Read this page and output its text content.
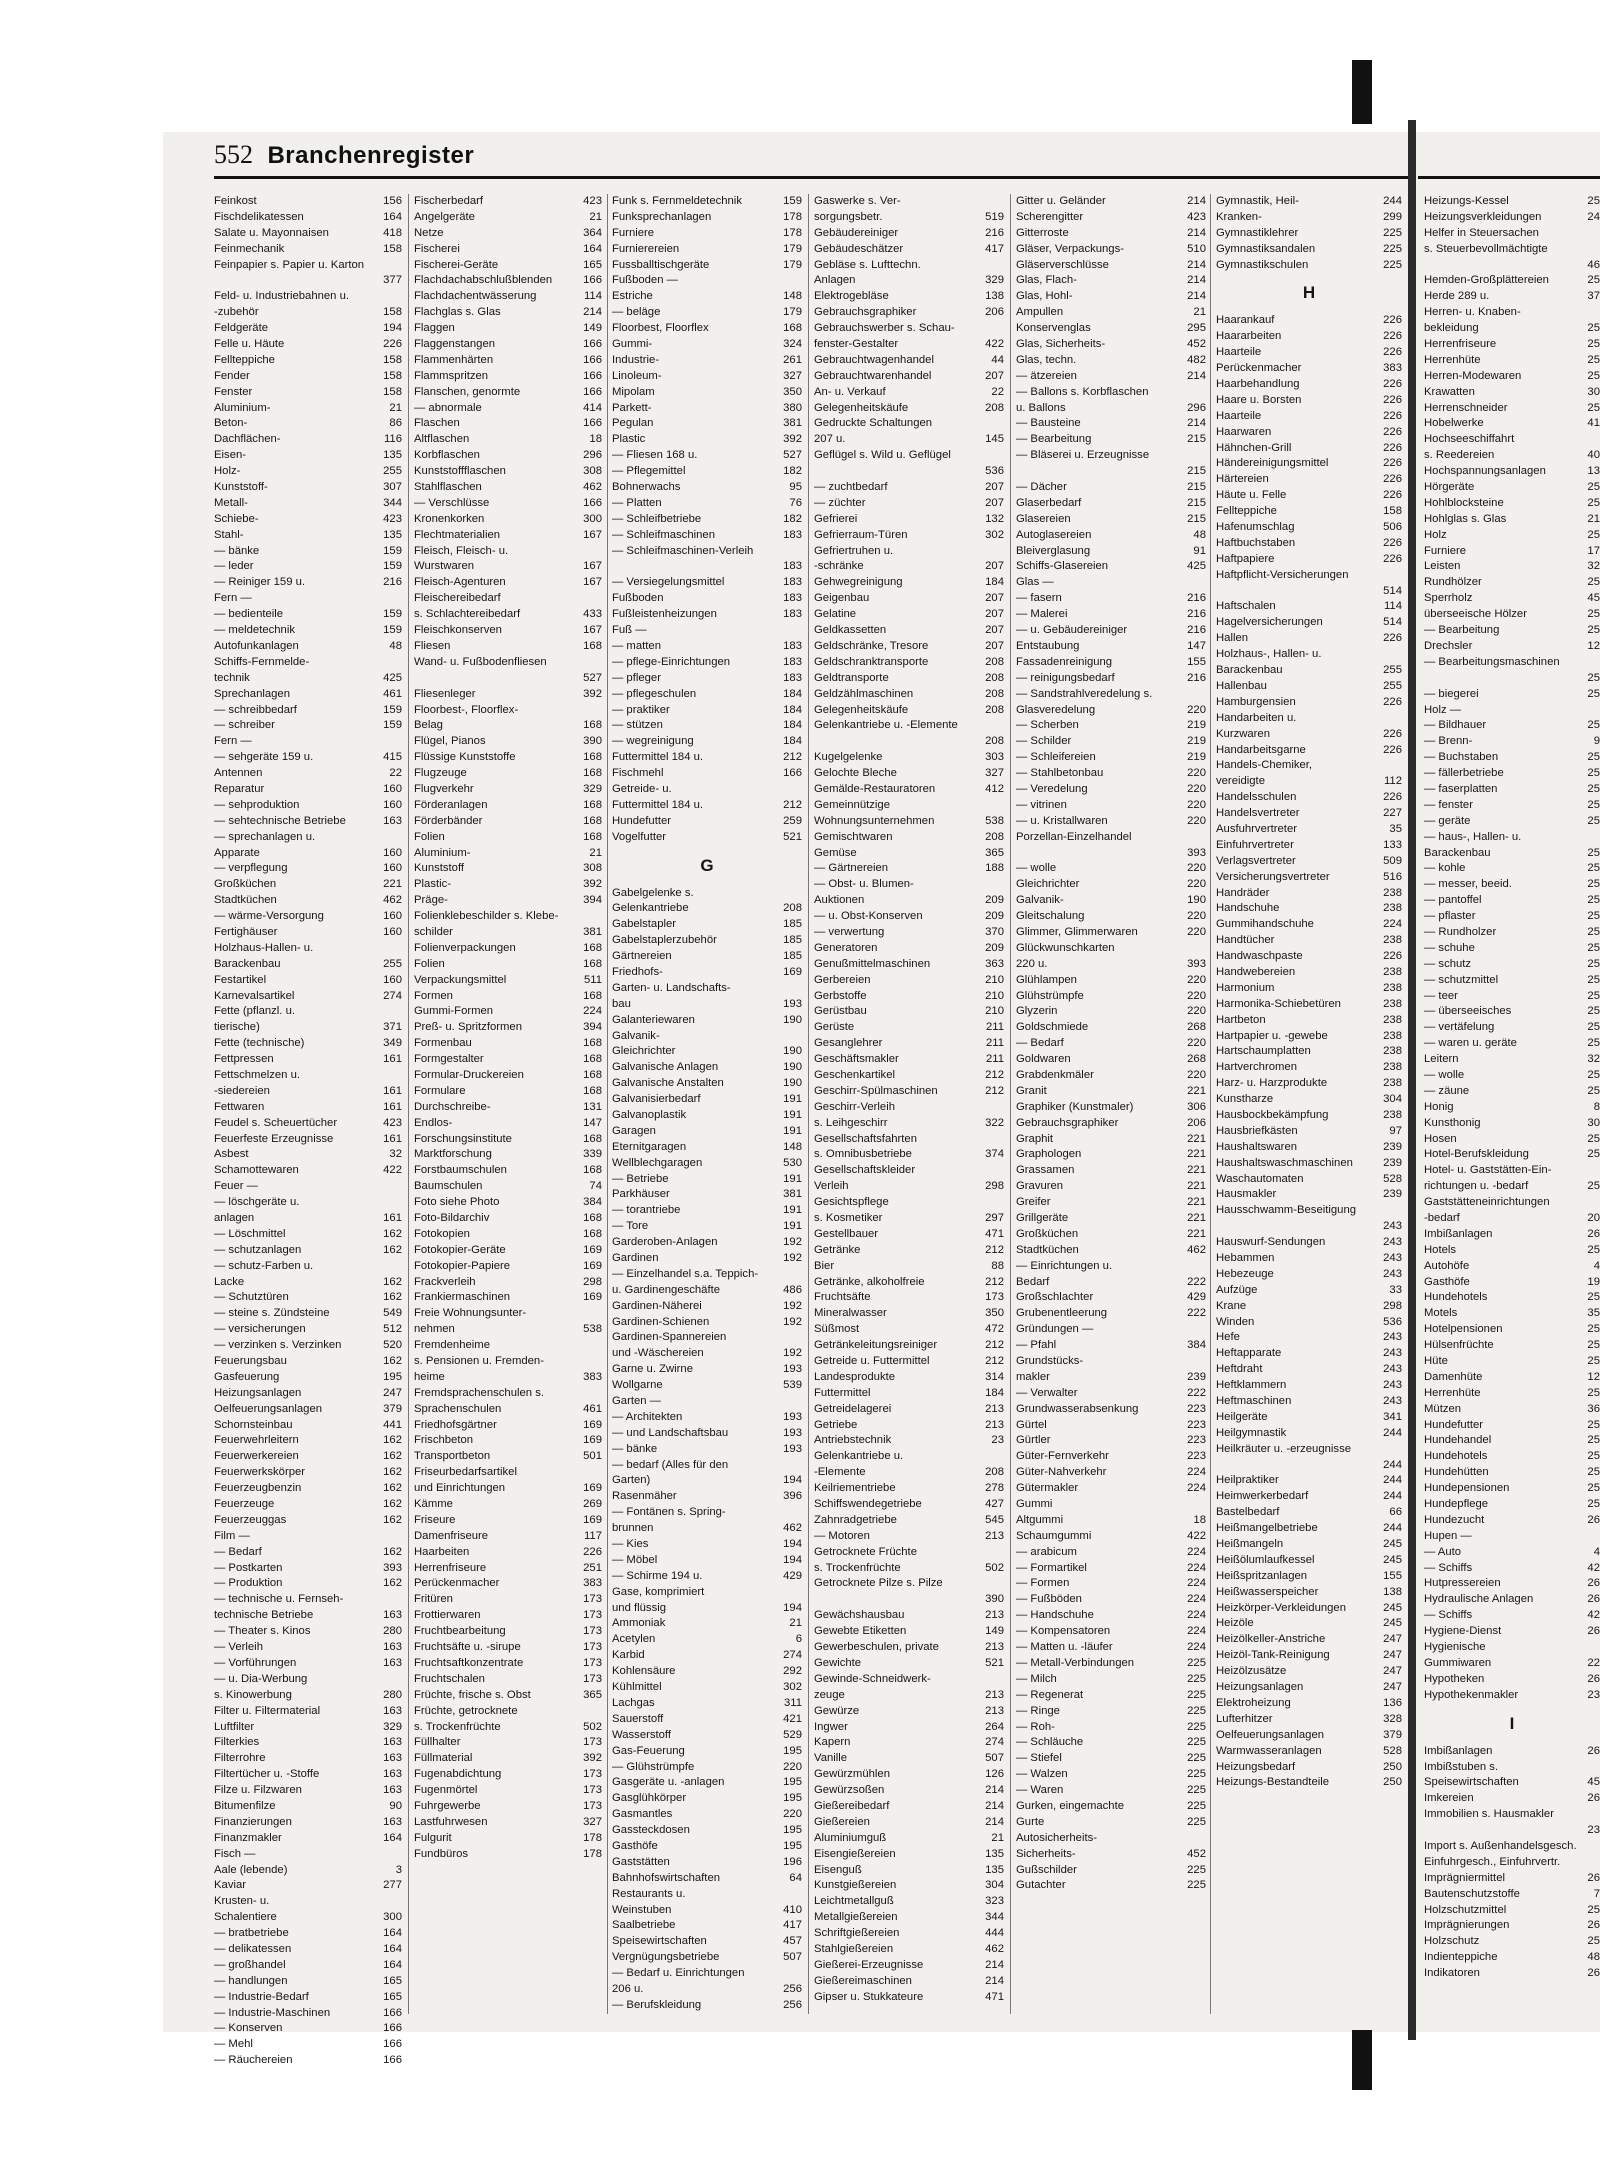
552 Branchenregister
Feinkost	156
Fischdelikatessen	164
Salate u. Mayonnaisen	418
Feinmechanik	158
Feinpapier s. Papier u. Karton
377
Feld- u. Industriebahnen u.
-zubehör	158
Feldgeräte	194
Felle u. Häute	226
Fellteppiche	158
Fender	158
Fenster	158
Aluminium-	21
Beton-	86
Dachflächen-	116
Eisen-	135
Holz-	255
Kunststoff-	307
Metall-	344
Schiebe-	423
Stahl-	135
— bänke	159
— leder	159
— Reiniger 159 u.	216
Fern —
— bedienteile	159
— meldetechnik	159
Autofunkanlagen	48
Schiffs-Fernmelde-
technik	425
Sprechanlagen	461
— schreibbedarf	159
— schreiber	159
Fern —
— sehgeräte 159 u.	415
Antennen	22
Reparatur	160
— sehproduktion	160
— sehtechnische Betriebe	163
— sprechanlagen u.
Apparate	160
— verpflegung	160
Großküchen	221
Stadtküchen	462
— wärme-Versorgung	160
Fertighäuser	160
Holzhaus-Hallen- u.
Barackenbau	255
Festartikel	160
Karnevalsartikel	274
Fette (pflanzl. u.
tierische)	371
Fette (technische)	349
Fettpressen	161
Fettschmelzen u.
-siedereien	161
Fettwaren	161
Feudel s. Scheuertücher	423
Feuerfeste Erzeugnisse	161
Asbest	32
Schamottewaren	422
Feuer —
— löschgeräte u.
anlagen	161
— Löschmittel	162
— schutzanlagen	162
— schutz-Farben u.
Lacke	162
— Schutztüren	162
— steine s. Zündsteine	549
— versicherungen	512
— verzinken s. Verzinken	520
Feuerungsbau	162
Gasfeuerung	195
Heizungsanlagen	247
Oelfeuerungsanlagen	379
Schornsteinbau	441
Feuerwehrleitern	162
Feuerwerkereien	162
Feuerwerkskörper	162
Feuerzeugbenzin	162
Feuerzeuge	162
Feuerzeuggas	162
Film —
— Bedarf	162
— Postkarten	393
— Produktion	162
— technische u. Fernseh-
technische Betriebe	163
— Theater s. Kinos	280
— Verleih	163
— Vorführungen	163
— u. Dia-Werbung
s. Kinowerbung	280
Filter u. Filtermaterial	163
Luftfilter	329
Filterkies	163
Filterrohre	163
Filtertücher u. -Stoffe	163
Filze u. Filzwaren	163
Bitumenfilze	90
Finanzierungen	163
Finanzmakler	164
Fisch —
Aale (lebende)	3
Kaviar	277
Krusten- u.
Schalentiere	300
— bratbetriebe	164
— delikatessen	164
— großhandel	164
— handlungen	165
— Industrie-Bedarf	165
— Industrie-Maschinen	166
— Konserven	166
— Mehl	166
— Räuchereien	166
Fischerbedarf	423
Angelgeräte	21
Netze	364
Fischerei	164
Fischerei-Geräte	165
Flachdachabschlußblenden	166
Flachdachentwässerung	114
Flachglas s. Glas	214
Flaggen	149
Flaggenstangen	166
Flammenhärten	166
Flammspritzen	166
Flanschen, genormte	166
— abnormale	414
Flaschen	166
Altflaschen	18
Korbflaschen	296
Kunststoffflaschen	308
Stahlflaschen	462
— Verschlüsse	166
Kronenkorken	300
Flechtmaterialien	167
Fleisch, Fleisch- u.
Wurstwaren	167
Fleisch-Agenturen	167
Fleischereibedarf
s. Schlachtereibedarf	433
Fleischkonserven	167
Fliesen	168
Wand- u. Fußbodenfliesen
527
Fliesenleger	392
Floorbest-, Floorflex-
Belag	168
Flügel, Pianos	390
Flüssige Kunststoffe	168
Flugzeuge	168
Flugverkehr	329
Förderanlagen	168
Förderbänder	168
Folien	168
Aluminium-	21
Kunststoff	308
Plastic-	392
Präge-	394
Folienklebeschilder s. Klebe-
schilder	381
Folienverpackungen	168
Folien	168
Verpackungsmittel	511
Formen	168
Gummi-Formen	224
Preß- u. Spritzformen	394
Formenbau	168
Formgestalter	168
Formular-Druckereien	168
Formulare	168
Durchschreibe-	131
Endlos-	147
Forschungsinstitute	168
Marktforschung	339
Forstbaumschulen	168
Baumschulen	74
Foto siehe Photo	384
Foto-Bildarchiv	168
Fotokopien	168
Fotokopier-Geräte	169
Fotokopier-Papiere	169
Frackverleih	298
Frankiermaschinen	169
Freie Wohnungsunter-
nehmen	538
Fremdenheime
s. Pensionen u. Fremden-
heime	383
Fremdsprachenschulen s.
Sprachenschulen	461
Friedhofsgärtner	169
Frischbeton	169
Transportbeton	501
Friseurbedarfsartikel
und Einrichtungen	169
Kämme	269
Friseure	169
Damenfriseure	117
Haarbeiten	226
Herrenfriseure	251
Perückenmacher	383
Fritüren	173
Frottierwaren	173
Fruchtbearbeitung	173
Fruchtsäfte u. -sirupe	173
Fruchtsaftkonzentrate	173
Fruchtschalen	173
Früchte, frische s. Obst	365
Früchte, getrocknete
s. Trockenfrüchte	502
Füllhalter	173
Füllmaterial	392
Fugenabdichtung	173
Fugenmörtel	173
Fuhrgewerbe	173
Lastfuhrwesen	327
Fulgurit	178
Fundbüros	178
Funk s. Fernmeldetechnik	159
Funksprechanlagen	178
Furniere	178
Furnierereien	179
Fussballtischgeräte	179
Fußboden —
Estriche	148
— beläge	179
Floorbest, Floorflex	168
Gummi-	324
Industrie-	261
Linoleum-	327
Mipolam	350
Parkett-	380
Pegulan	381
Plastic	392
— Fliesen 168 u.	527
— Pflegemittel	182
Bohnerwachs	95
— Platten	76
— Schleifbetriebe	182
— Schleifmaschinen	183
— Schleifmaschinen-Verleih
183
— Versiegelungsmittel	183
Fußboden	183
Fußleistenheizungen	183
Fuß —
— matten	183
— pflege-Einrichtungen	183
— pfleger	183
— pflegeschulen	184
— praktiker	184
— stützen	184
— wegreinigung	184
Futtermittel 184 u.	212
Fischmehl	166
Getreide- u.
Futtermittel 184 u.	212
Hundefutter	259
Vogelfutter	521
G
Gabelgelenke s.
Gelenkantriebe	208
Gabelstapler	185
Gabelstaplerzubehör	185
Gärtnereien	185
Friedhofs-	169
Garten- u. Landschafts-
bau	193
Galanteriewaren	190
Galvanik-
Gleichrichter	190
Galvanische Anlagen	190
Galvanische Anstalten	190
Galvanisierbedarf	191
Galvanoplastik	191
Garagen	191
Eternitgaragen	148
Wellblechgaragen	530
— Betriebe	191
Parkhäuser	381
— torantriebe	191
— Tore	191
Garderoben-Anlagen	192
Gardinen	192
— Einzelhandel s.a. Teppich-
u. Gardinengeschäfte	486
Gardinen-Näherei	192
Gardinen-Schienen	192
Gardinen-Spannereien
und -Wäschereien	192
Garne u. Zwirne	193
Wollgarne	539
Garten —
— Architekten	193
— und Landschaftsbau	193
— bänke	193
— bedarf (Alles für den
Garten)	194
Rasenmäher	396
— Fontänen s. Spring-
brunnen	462
— Kies	194
— Möbel	194
— Schirme 194 u.	429
Gase, komprimiert
und flüssig	194
Ammoniak	21
Acetylen	6
Karbid	274
Kohlensäure	292
Kühlmittel	302
Lachgas	311
Sauerstoff	421
Wasserstoff	529
Gas-Feuerung	195
— Glühstrümpfe	220
Gasgeräte u. -anlagen	195
Gasglühkörper	195
Gasmantles	220
Gassteckdosen	195
Gasthöfe	195
Gaststätten	196
Bahnhofswirtschaften	64
Restaurants u.
Weinstuben	410
Saalbetriebe	417
Speisewirtschaften	457
Vergnügungsbetriebe	507
— Bedarf u. Einrichtungen
206 u.	256
— Berufskleidung	256
Gaswerke s. Ver-
sorgungsbetr.	519
Gebäudereiniger	216
Gebäudeschätzer	417
Gebläse s. Lufttechn.
Anlagen	329
Elektrogebläse	138
Gebrauchsgraphiker	206
Gebrauchswerber s. Schau-
fenster-Gestalter	422
Gebrauchtwagenhandel	44
Gebrauchtwarenhandel	207
An- u. Verkauf	22
Gelegenheitskäufe	208
Gedruckte Schaltungen
207 u.	145
Geflügel s. Wild u. Geflügel
536
— zuchtbedarf	207
— züchter	207
Gefrierei	132
Gefrierraum-Türen	302
Gefriertruhen u.
-schränke	207
Gehwegreinigung	184
Geigenbau	207
Gelatine	207
Geldkassetten	207
Geldschränke, Tresore	207
Geldschranktransporte	208
Geldtransporte	208
Geldzählmaschinen	208
Gelegenheitskäufe	208
Gelenkantriebe u. -Elemente
208
Kugelgelenke	303
Gelochte Bleche	327
Gemälde-Restauratoren	412
Gemeinnützige
Wohnungsunternehmen	538
Gemischtwaren	208
Gemüse	365
— Gärtnereien	188
— Obst- u. Blumen-
Auktionen	209
— u. Obst-Konserven	209
— verwertung	370
Generatoren	209
Genußmittelmaschinen	363
Gerbereien	210
Gerbstoffe	210
Gerüstbau	210
Gerüste	211
Gesanglehrer	211
Geschäftsmakler	211
Geschenkartikel	212
Geschirr-Spülmaschinen	212
Geschirr-Verleih
s. Leihgeschirr	322
Gesellschaftsfahrten
s. Omnibusbetriebe	374
Gesellschaftskleider
Verleih	298
Gesichtspflege
s. Kosmetiker	297
Gestellbauer	471
Getränke	212
Bier	88
Getränke, alkoholfreie	212
Fruchtsäfte	173
Mineralwasser	350
Süßmost	472
Getränkeleitungsreiniger	212
Getreide u. Futtermittel	212
Landesprodukte	314
Futtermittel	184
Getreidelagerei	213
Getriebe	213
Antriebstechnik	23
Gelenkantriebe u.
-Elemente	208
Keilriementriebe	278
Schiffswendegetriebe	427
Zahnradgetriebe	545
— Motoren	213
Getrocknete Früchte
s. Trockenfrüchte	502
Getrocknete Pilze s. Pilze
390
Gewächshausbau	213
Gewebte Etiketten	149
Gewerbeschulen, private	213
Gewichte	521
Gewinde-Schneidwerk-
zeuge	213
Gewürze	213
Ingwer	264
Kapern	274
Vanille	507
Gewürzmühlen	126
Gewürzsoßen	214
Gießereibedarf	214
Gießereien	214
Aluminiumguß	21
Eisengießereien	135
Eisenguß	135
Kunstgießereien	304
Leichtmetallguß	323
Metallgießereien	344
Schriftgießereien	444
Stahlgießereien	462
Gießerei-Erzeugnisse	214
Gießereimaschinen	214
Gipser u. Stukkateure	471
Gitter u. Geländer	214
Scherengitter	423
Gitterroste	214
Gläser, Verpackungs-	510
Gläserverschlüsse	214
Glas, Flach-	214
Glas, Hohl-	214
Ampullen	21
Konservenglas	295
Glas, Sicherheits-	452
Glas, techn.	482
— ätzereien	214
— Ballons s. Korbflaschen
u. Ballons	296
— Bausteine	214
— Bearbeitung	215
— Bläserei u. Erzeugnisse
215
— Dächer	215
Glaserbedarf	215
Glasereien	215
Autoglasereien	48
Bleiverglasung	91
Schiffs-Glasereien	425
Glas —
— fasern	216
— Malerei	216
— u. Gebäudereiniger	216
Entstaubung	147
Fassadenreinigung	155
— reinigungsbedarf	216
— Sandstrahlveredelung s.
Glasveredelung	220
— Scherben	219
— Schilder	219
— Schleifereien	219
— Stahlbetonbau	220
— Veredelung	220
— vitrinen	220
— u. Kristallwaren	220
Porzellan-Einzelhandel
393
— wolle	220
Gleichrichter	220
Galvanik-	190
Gleitschalung	220
Glimmer, Glimmerwaren	220
Glückwunschkarten
220 u.	393
Glühlampen	220
Glühstrümpfe	220
Glyzerin	220
Goldschmiede	268
— Bedarf	220
Goldwaren	268
Grabdenkmäler	220
Granit	221
Graphiker (Kunstmaler)	306
Gebrauchsgraphiker	206
Graphit	221
Graphologen	221
Grassamen	221
Gravuren	221
Greifer	221
Grillgeräte	221
Großküchen	221
Stadtküchen	462
— Einrichtungen u.
Bedarf	222
Großschlachter	429
Grubenentleerung	222
Gründungen —
— Pfahl	384
Grundstücks-
makler	239
— Verwalter	222
Grundwasserabsenkung	223
Gürtel	223
Gürtler	223
Güter-Fernverkehr	223
Güter-Nahverkehr	224
Gütermakler	224
Gummi
Altgummi	18
Schaumgummi	422
— arabicum	224
— Formartikel	224
— Formen	224
— Fußböden	224
— Handschuhe	224
— Kompensatoren	224
— Matten u. -läufer	224
— Metall-Verbindungen	225
— Milch	225
— Regenerat	225
— Ringe	225
— Roh-	225
— Schläuche	225
— Stiefel	225
— Walzen	225
— Waren	225
Gurken, eingemachte	225
Gurte	225
Autosicherheits-
Sicherheits-	452
Gußschilder	225
Gutachter	225
Gymnastik, Heil-	244
Kranken-	299
Gymnastiklehrer	225
Gymnastiksandalen	225
Gymnastikschulen	225
H
Haarankauf	226
Haararbeiten	226
Haarteile	226
Perückenmacher	383
Haarbehandlung	226
Haare u. Borsten	226
Haarteile	226
Haarwaren	226
Hähnchen-Grill	226
Händereinigungsmittel	226
Härtereien	226
Häute u. Felle	226
Fellteppiche	158
Hafenumschlag	506
Haftbuchstaben	226
Haftpapiere	226
Haftpflicht-Versicherungen
514
Haftschalen	114
Hagelversicherungen	514
Hallen	226
Holzhaus-, Hallen- u.
Barackenbau	255
Hallenbau	255
Hamburgensien	226
Handarbeiten u.
Kurzwaren	226
Handarbeitsgarne	226
Handels-Chemiker,
vereidigte	112
Handelsschulen	226
Handelsvertreter	227
Ausfuhrvertreter	35
Einfuhrvertreter	133
Verlagsvertreter	509
Versicherungsvertreter	516
Handräder	238
Handschuhe	238
Gummihandschuhe	224
Handtücher	238
Handwaschpaste	226
Handwebereien	238
Harmonium	238
Harmonika-Schiebetüren	238
Hartbeton	238
Hartpapier u. -gewebe	238
Hartschaumplatten	238
Hartverchromen	238
Harz- u. Harzprodukte	238
Kunstharze	304
Hausbockbekämpfung	238
Hausbriefkästen	97
Haushaltswaren	239
Haushaltswaschmaschinen	239
Waschautomaten	528
Hausmakler	239
Hausschwamm-Beseitigung
243
Hauswurf-Sendungen	243
Hebammen	243
Hebezeuge	243
Aufzüge	33
Krane	298
Winden	536
Hefe	243
Heftapparate	243
Heftdraht	243
Heftklammern	243
Heftmaschinen	243
Heilgeräte	341
Heilgymnastik	244
Heilkräuter u. -erzeugnisse
244
Heilpraktiker	244
Heimwerkerbedarf	244
Bastelbedarf	66
Heißmangelbetriebe	244
Heißmangeln	245
Heißölumlaufkessel	245
Heißspritzanlagen	155
Heißwasserspeicher	138
Heizkörper-Verkleidungen	245
Heizöle	245
Heizölkeller-Anstriche	247
Heizöl-Tank-Reinigung	247
Heizölzusätze	247
Heizungsanlagen	247
Elektroheizung	136
Lufterhitzer	328
Oelfeuerungsanlagen	379
Warmwasseranlagen	528
Heizungsbedarf	250
Heizungs-Bestandteile	250
Heizungs-Kessel	25
Heizungsverkleidungen	24
Helfer in Steuersachen
s. Steuerbevollmächtigte
46
Hemden-Großplättereien	25
Herde 289 u.	37
Herren- u. Knaben-
bekleidung	25
Herrenfriseure	25
Herrenhüte	25
Herren-Modewaren	25
Krawatten	30
Herrenschneider	25
Hobelwerke	41
Hochseeschiffahrt
s. Reedereien	40
Hochspannungsanlagen	13
Hörgeräte	25
Hohlblocksteine	25
Hohlglas s. Glas	21
Holz	25
Furniere	17
Leisten	32
Rundhölzer	25
Sperrholz	45
überseeische Hölzer	25
— Bearbeitung	25
Drechsler	12
— Bearbeitungsmaschinen
25
— biegerei	25
Holz —
— Bildhauer	25
— Brenn-	9
— Buchstaben	25
— fällerbetriebe	25
— faserplatten	25
— fenster	25
— geräte	25
— haus-, Hallen- u.
Barackenbau	25
— kohle	25
— messer, beeid.	25
— pantoffel	25
— pflaster	25
— Rundholzer	25
— schuhe	25
— schutz	25
— schutzmittel	25
— teer	25
— überseeisches	25
— vertäfelung	25
— waren u. geräte	25
Leitern	32
— wolle	25
— zäune	25
Honig	8
Kunsthonig	30
Hosen	25
Hotel-Berufskleidung	25
Hotel- u. Gaststätten-Ein-
richtungen u. -bedarf	25
Gaststätteneinrichtungen
-bedarf	20
Imbißanlagen	26
Hotels	25
Autohöfe	4
Gasthöfe	19
Hundehotels	25
Motels	35
Hotelpensionen	25
Hülsenfrüchte	25
Hüte	25
Damenhüte	12
Herrenhüte	25
Mützen	36
Hundefutter	25
Hundehandel	25
Hundehotels	25
Hundehütten	25
Hundepensionen	25
Hundepflege	25
Hundezucht	26
Hupen —
— Auto	4
— Schiffs	42
Hutpressereien	26
Hydraulische Anlagen	26
— Schiffs	42
Hygiene-Dienst	26
Hygienische
Gummiwaren	22
Hypotheken	26
Hypothekenmakler	23
I
Imbißanlagen	26
Imbißstuben s.
Speisewirtschaften	45
Imkereien	26
Immobilien s. Hausmakler
23
Import s. Außenhandelsgesch.
Einfuhrgesch., Einfuhrvertr.
Imprägniermittel	26
Bautenschutzstoffe	7
Holzschutzmittel	25
Imprägnierungen	26
Holzschutz	25
Indienteppiche	48
Indikatoren	26
